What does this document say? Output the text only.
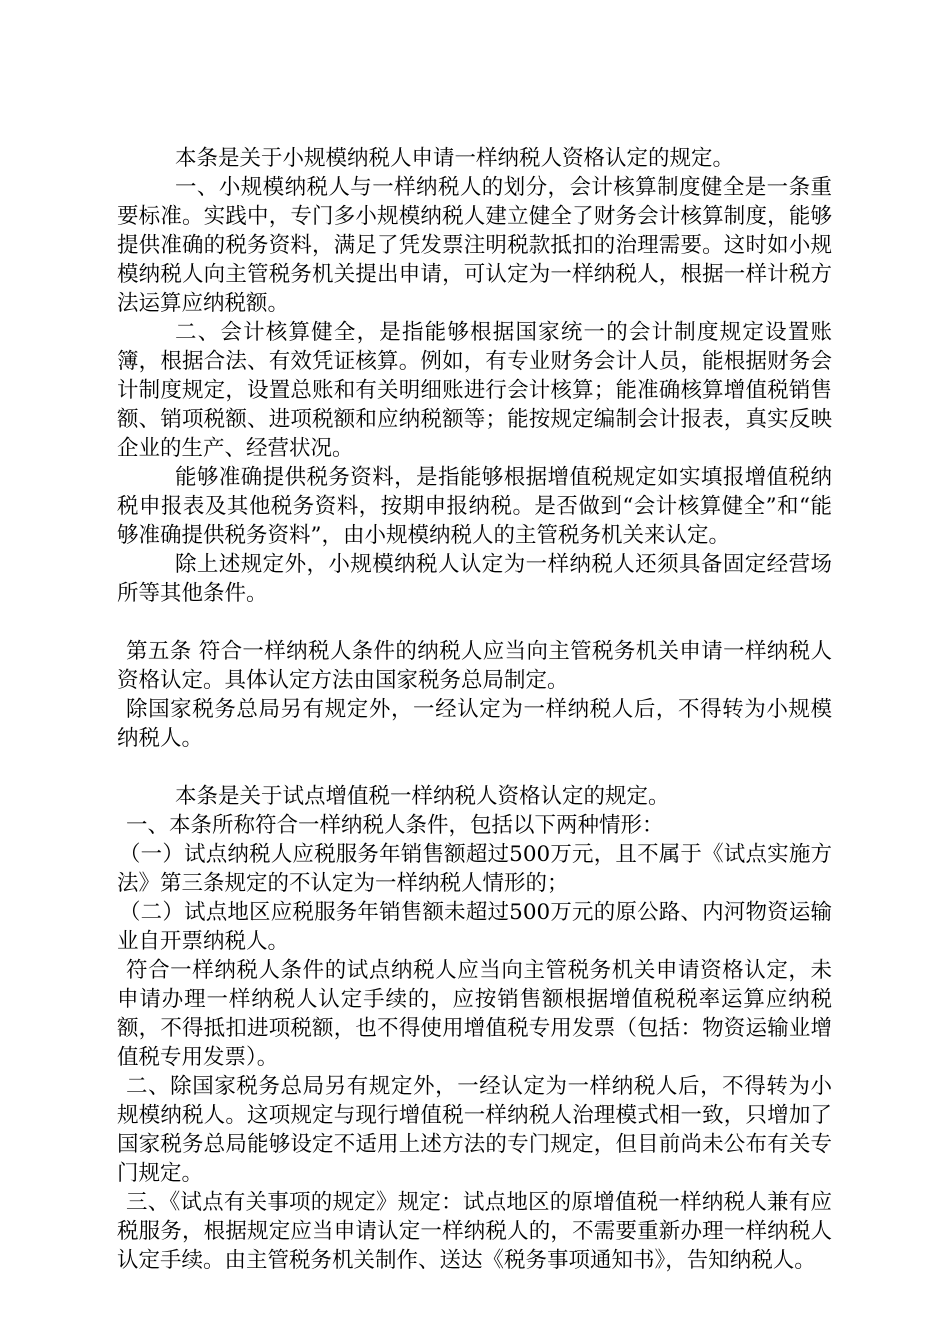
本条是关于小规模纳税人申请一样纳税人资格认定的规定。

一、小规模纳税人与一样纳税人的划分，会计核算制度健全是一条重要标准。实践中，专门多小规模纳税人建立健全了财务会计核算制度，能够提供准确的税务资料，满足了凭发票注明税款抵扣的治理需要。这时如小规模纳税人向主管税务机关提出申请，可认定为一样纳税人，根据一样计税方法运算应纳税额。

二、会计核算健全，是指能够根据国家统一的会计制度规定设置账簿，根据合法、有效凭证核算。例如，有专业财务会计人员，能根据财务会计制度规定，设置总账和有关明细账进行会计核算；能准确核算增值税销售额、销项税额、进项税额和应纳税额等；能按规定编制会计报表，真实反映企业的生产、经营状况。

能够准确提供税务资料，是指能够根据增值税规定如实填报增值税纳税申报表及其他税务资料，按期申报纳税。是否做到“会计核算健全”和“能够准确提供税务资料”，由小规模纳税人的主管税务机关来认定。

除上述规定外，小规模纳税人认定为一样纳税人还须具备固定经营场所等其他条件。

第五条 符合一样纳税人条件的纳税人应当向主管税务机关申请一样纳税人资格认定。具体认定方法由国家税务总局制定。

除国家税务总局另有规定外，一经认定为一样纳税人后，不得转为小规模纳税人。

本条是关于试点增值税一样纳税人资格认定的规定。

一、本条所称符合一样纳税人条件，包括以下两种情形：

（一）试点纳税人应税服务年销售额超过500万元，且不属于《试点实施方法》第三条规定的不认定为一样纳税人情形的；

（二）试点地区应税服务年销售额未超过500万元的原公路、内河物资运输业自开票纳税人。

符合一样纳税人条件的试点纳税人应当向主管税务机关申请资格认定，未申请办理一样纳税人认定手续的，应按销售额根据增值税税率运算应纳税额，不得抵扣进项税额，也不得使用增值税专用发票（包括：物资运输业增值税专用发票）。

二、除国家税务总局另有规定外，一经认定为一样纳税人后，不得转为小规模纳税人。这项规定与现行增值税一样纳税人治理模式相一致，只增加了国家税务总局能够设定不适用上述方法的专门规定，但目前尚未公布有关专门规定。

三、《试点有关事项的规定》规定：试点地区的原增值税一样纳税人兼有应税服务，根据规定应当申请认定一样纳税人的，不需要重新办理一样纳税人认定手续。由主管税务机关制作、送达《税务事项通知书》，告知纳税人。
